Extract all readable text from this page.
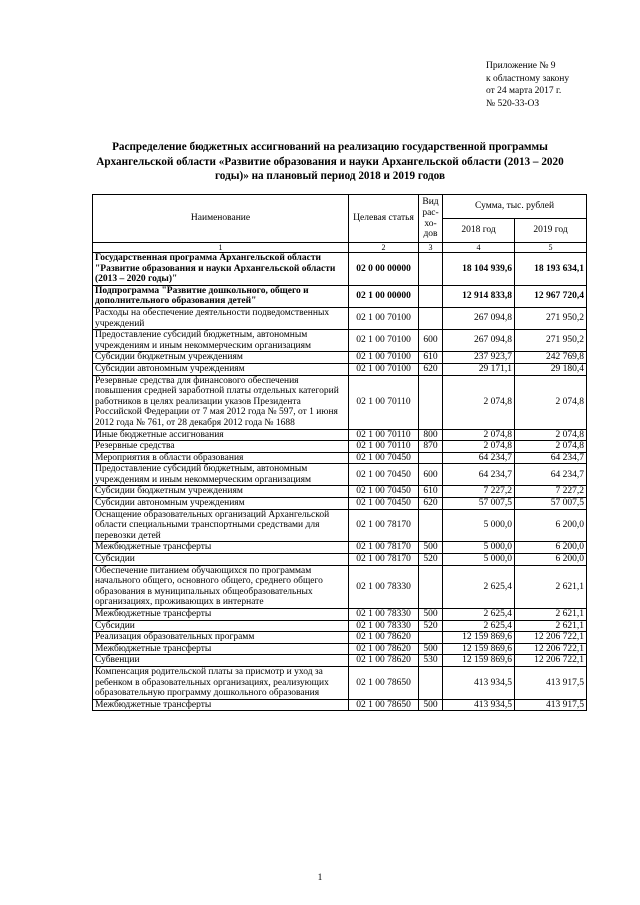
Приложение № 9
к областному закону
от 24 марта 2017 г.
№ 520-33-ОЗ
Распределение бюджетных ассигнований на реализацию государственной программы Архангельской области «Развитие образования и науки Архангельской области (2013 – 2020 годы)» на плановый период 2018 и 2019 годов
Наименование	Целевая статья	Вид рас-хо-дов	Сумма, тыс. рублей	
			2018 год	2019 год
1	2	3	4	5
Государственная программа Архангельской области "Развитие образования и науки Архангельской области (2013 – 2020 годы)"	02 0 00 00000		18 104 939,6	18 193 634,1
Подпрограмма "Развитие дошкольного, общего и дополнительного образования детей"	02 1 00 00000		12 914 833,8	12 967 720,4
Расходы на обеспечение деятельности подведомственных учреждений	02 1 00 70100		267 094,8	271 950,2
Предоставление субсидий бюджетным, автономным учреждениям и иным некоммерческим организациям	02 1 00 70100	600	267 094,8	271 950,2
Субсидии бюджетным учреждениям	02 1 00 70100	610	237 923,7	242 769,8
Субсидии автономным учреждениям	02 1 00 70100	620	29 171,1	29 180,4
Резервные средства для финансового обеспечения повышения средней заработной платы отдельных категорий работников в целях реализации указов Президента Российской Федерации от 7 мая 2012 года № 597, от 1 июня 2012 года № 761, от 28 декабря 2012 года № 1688	02 1 00 70110		2 074,8	2 074,8
Иные бюджетные ассигнования	02 1 00 70110	800	2 074,8	2 074,8
Резервные средства	02 1 00 70110	870	2 074,8	2 074,8
Мероприятия в области образования	02 1 00 70450		64 234,7	64 234,7
Предоставление субсидий бюджетным, автономным учреждениям и иным некоммерческим организациям	02 1 00 70450	600	64 234,7	64 234,7
Субсидии бюджетным учреждениям	02 1 00 70450	610	7 227,2	7 227,2
Субсидии автономным учреждениям	02 1 00 70450	620	57 007,5	57 007,5
Оснащение образовательных организаций Архангельской области специальными транспортными средствами для перевозки детей	02 1 00 78170		5 000,0	6 200,0
Межбюджетные трансферты	02 1 00 78170	500	5 000,0	6 200,0
Субсидии	02 1 00 78170	520	5 000,0	6 200,0
Обеспечение питанием обучающихся по программам начального общего, основного общего, среднего общего образования в муниципальных общеобразовательных организациях, проживающих в интернате	02 1 00 78330		2 625,4	2 621,1
Межбюджетные трансферты	02 1 00 78330	500	2 625,4	2 621,1
Субсидии	02 1 00 78330	520	2 625,4	2 621,1
Реализация образовательных программ	02 1 00 78620		12 159 869,6	12 206 722,1
Межбюджетные трансферты	02 1 00 78620	500	12 159 869,6	12 206 722,1
Субвенции	02 1 00 78620	530	12 159 869,6	12 206 722,1
Компенсация родительской платы за присмотр и уход за ребенком в образовательных организациях, реализующих образовательную программу дошкольного образования	02 1 00 78650		413 934,5	413 917,5
Межбюджетные трансферты	02 1 00 78650	500	413 934,5	413 917,5
1
